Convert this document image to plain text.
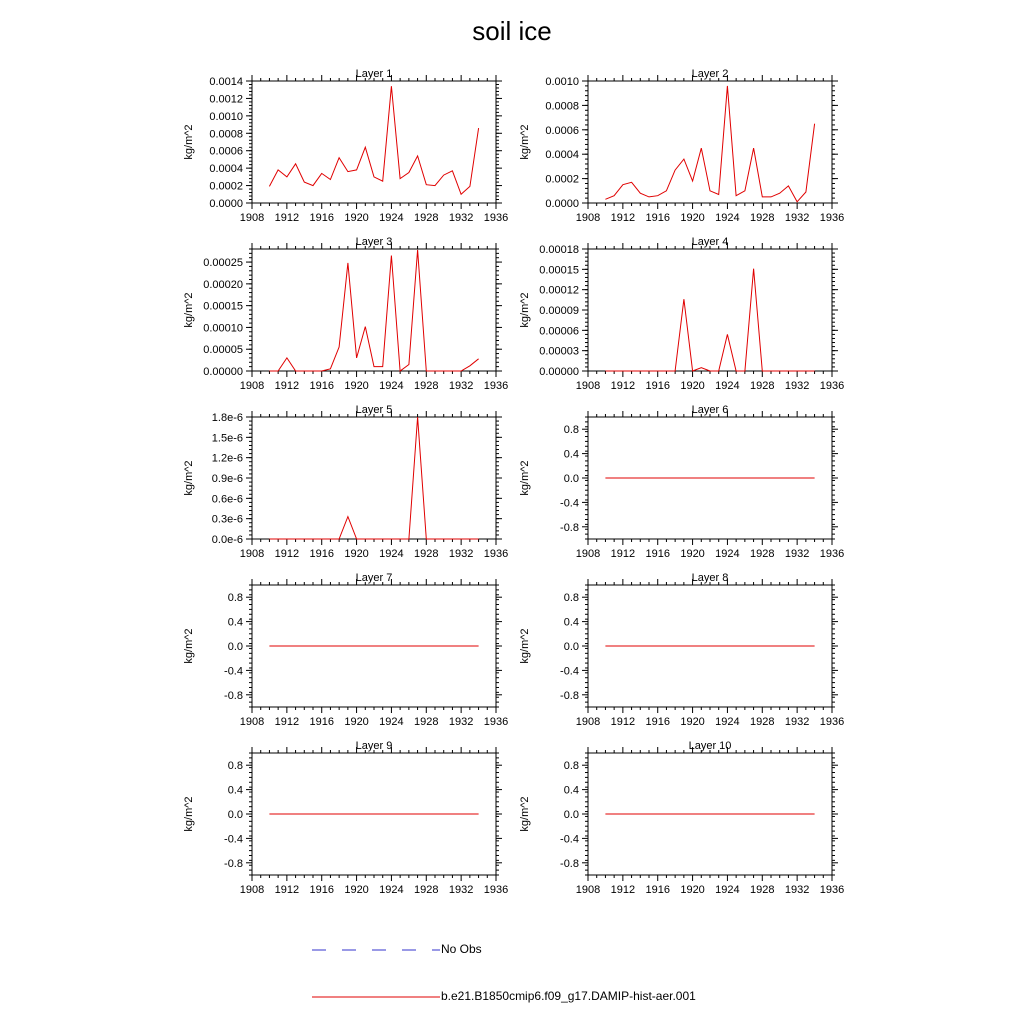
soil ice
Layer 1
kg/m^2
1908 1912 1916 1920 1924 1928 1932 1936
0.0000
0.0002
0.0004
0.0006
0.0008
0.0010
0.0012
0.0014
Layer 2
kg/m^2
1908 1912 1916 1920 1924 1928 1932 1936
0.0000
0.0002
0.0004
0.0006
0.0008
0.0010
Layer 3
kg/m^2
1908 1912 1916 1920 1924 1928 1932 1936
0.00000
0.00005
0.00010
0.00015
0.00020
0.00025
Layer 4
kg/m^2
1908 1912 1916 1920 1924 1928 1932 1936
0.00000
0.00003
0.00006
0.00009
0.00012
0.00015
0.00018
Layer 5
kg/m^2
1908 1912 1916 1920 1924 1928 1932 1936
0.0e-6
0.3e-6
0.6e-6
0.9e-6
1.2e-6
1.5e-6
1.8e-6
Layer 6
kg/m^2
1908 1912 1916 1920 1924 1928 1932 1936
-0.8
-0.4
0.0
0.4
0.8
Layer 7
kg/m^2
1908 1912 1916 1920 1924 1928 1932 1936
-0.8
-0.4
0.0
0.4
0.8
Layer 8
kg/m^2
1908 1912 1916 1920 1924 1928 1932 1936
-0.8
-0.4
0.0
0.4
0.8
Layer 9
kg/m^2
1908 1912 1916 1920 1924 1928 1932 1936
-0.8
-0.4
0.0
0.4
0.8
Layer 10
kg/m^2
1908 1912 1916 1920 1924 1928 1932 1936
-0.8
-0.4
0.0
0.4
0.8
No Obs
b.e21.B1850cmip6.f09_g17.DAMIP-hist-aer.001
